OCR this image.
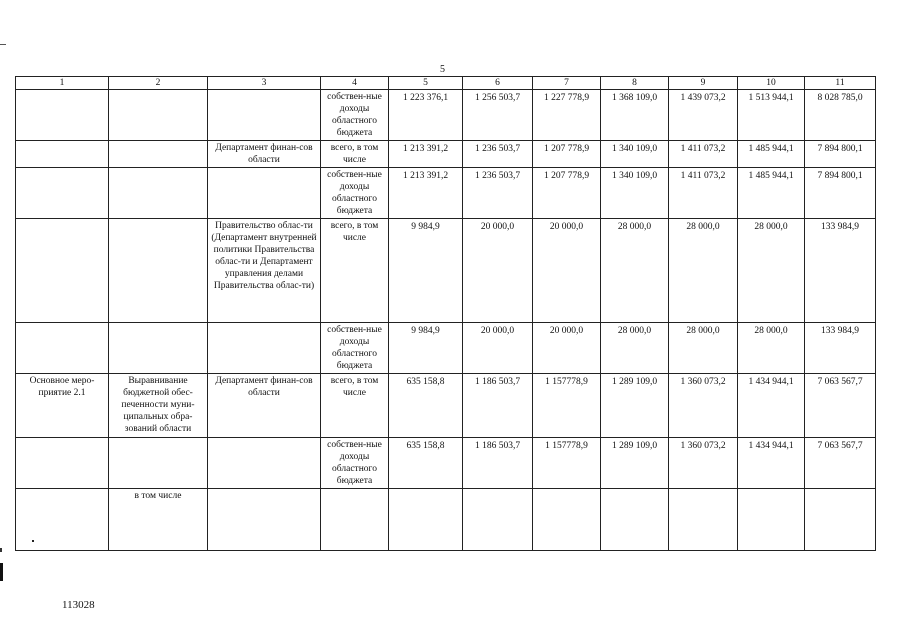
5
1	2	3	4	5	6	7	8	9	10	11
			собствен-ные доходы областного бюджета	1 223 376,1	1 256 503,7	1 227 778,9	1 368 109,0	1 439 073,2	1 513 944,1	8 028 785,0
		Департамент финан-сов области	всего, в том числе	1 213 391,2	1 236 503,7	1 207 778,9	1 340 109,0	1 411 073,2	1 485 944,1	7 894 800,1
			собствен-ные доходы областного бюджета	1 213 391,2	1 236 503,7	1 207 778,9	1 340 109,0	1 411 073,2	1 485 944,1	7 894 800,1
		Правительство облас-ти (Департамент внутренней политики Правительства облас-ти и Департамент управления делами Правительства облас-ти)	всего, в том числе	9 984,9	20 000,0	20 000,0	28 000,0	28 000,0	28 000,0	133 984,9
			собствен-ные доходы областного бюджета	9 984,9	20 000,0	20 000,0	28 000,0	28 000,0	28 000,0	133 984,9
Основное меро-приятие 2.1	Выравнивание бюджетной обес-печенности муни-ципальных обра-зований области	Департамент финан-сов области	всего, в том числе	635 158,8	1 186 503,7	1 157778,9	1 289 109,0	1 360 073,2	1 434 944,1	7 063 567,7
			собствен-ные доходы областного бюджета	635 158,8	1 186 503,7	1 157778,9	1 289 109,0	1 360 073,2	1 434 944,1	7 063 567,7
	в том числе									
113028
